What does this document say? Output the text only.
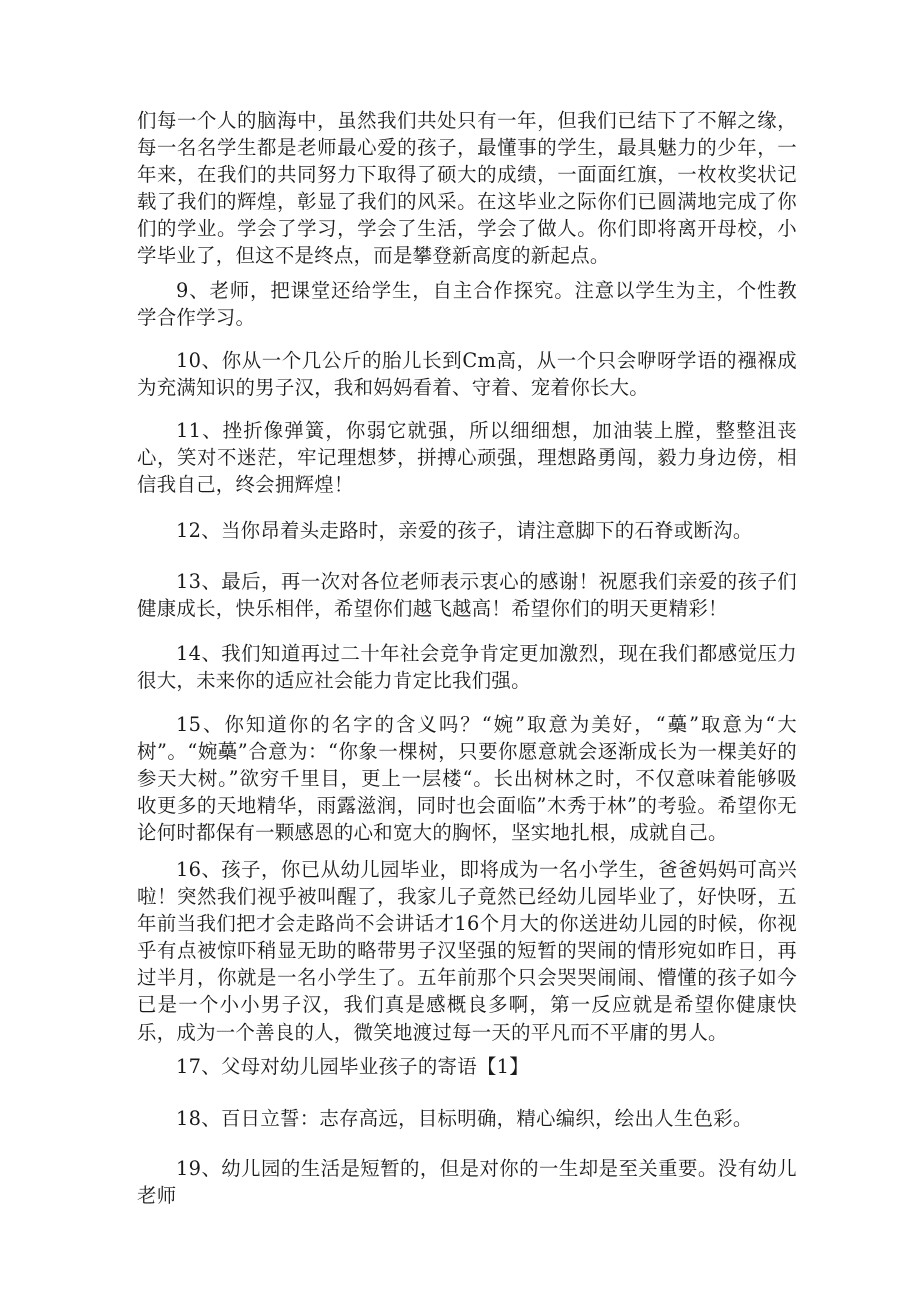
们每一个人的脑海中，虽然我们共处只有一年，但我们已结下了不解之缘，每一名名学生都是老师最心爱的孩子，最懂事的学生，最具魅力的少年，一年来，在我们的共同努力下取得了硕大的成绩，一面面红旗，一枚枚奖状记载了我们的辉煌，彰显了我们的风采。在这毕业之际你们已圆满地完成了你们的学业。学会了学习，学会了生活，学会了做人。你们即将离开母校，小学毕业了，但这不是终点，而是攀登新高度的新起点。

9、老师，把课堂还给学生，自主合作探究。注意以学生为主，个性教学合作学习。

10、你从一个几公斤的胎儿长到Cm高，从一个只会咿呀学语的襁褓成为充满知识的男子汉，我和妈妈看着、守着、宠着你长大。

11、挫折像弹簧，你弱它就强，所以细细想，加油装上膛，整整沮丧心，笑对不迷茫，牢记理想梦，拼搏心顽强，理想路勇闯，毅力身边傍，相信我自己，终会拥辉煌！

12、当你昂着头走路时，亲爱的孩子，请注意脚下的石脊或断沟。

13、最后，再一次对各位老师表示衷心的感谢！祝愿我们亲爱的孩子们健康成长，快乐相伴，希望你们越飞越高！希望你们的明天更精彩！

14、我们知道再过二十年社会竞争肯定更加激烈，现在我们都感觉压力很大，未来你的适应社会能力肯定比我们强。

15、你知道你的名字的含义吗？“婉”取意为美好，“蘽”取意为“大树”。“婉蘽”合意为：“你象一棵树，只要你愿意就会逐渐成长为一棵美好的参天大树。”欲穷千里目，更上一层楼“。长出树林之时，不仅意味着能够吸收更多的天地精华，雨露滋润，同时也会面临”木秀于林”的考验。希望你无论何时都保有一颗感恩的心和宽大的胸怀，坚实地扎根，成就自己。

16、孩子，你已从幼儿园毕业，即将成为一名小学生，爸爸妈妈可高兴啦！突然我们视乎被叫醒了，我家儿子竟然已经幼儿园毕业了，好快呀，五年前当我们把才会走路尚不会讲话才16个月大的你送进幼儿园的时候，你视乎有点被惊吓稍显无助的略带男子汉坚强的短暂的哭闹的情形宛如昨日，再过半月，你就是一名小学生了。五年前那个只会哭哭闹闹、懵懂的孩子如今已是一个小小男子汉，我们真是感概良多啊，第一反应就是希望你健康快乐，成为一个善良的人，微笑地渡过每一天的平凡而不平庸的男人。

17、父母对幼儿园毕业孩子的寄语【1】

18、百日立誓：志存高远，目标明确，精心编织，绘出人生色彩。

19、幼儿园的生活是短暂的，但是对你的一生却是至关重要。没有幼儿老师
